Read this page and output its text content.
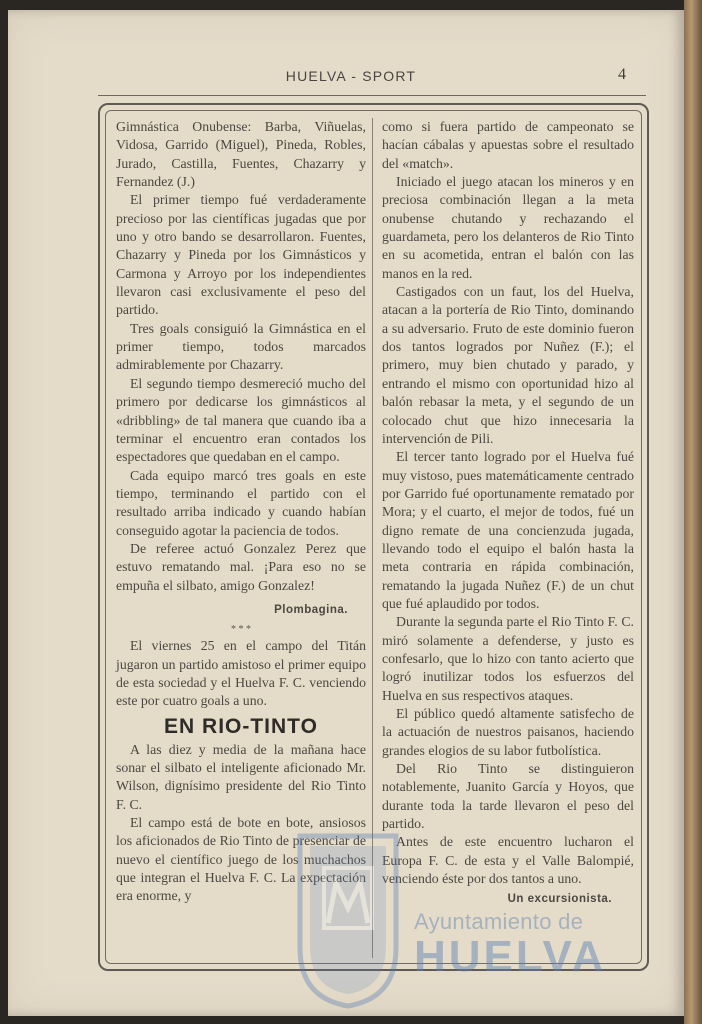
HUELVA - SPORT	4

Gimnástica Onubense: Barba, Viñuelas, Vidosa, Garrido (Miguel), Pineda, Robles, Jurado, Castilla, Fuentes, Chazarry y Fernandez (J.)

El primer tiempo fué verdaderamente precioso por las científicas jugadas que por uno y otro bando se desarrollaron. Fuentes, Chazarry y Pineda por los Gimnásticos y Carmona y Arroyo por los independientes llevaron casi exclusivamente el peso del partido.

Tres goals consiguió la Gimnástica en el primer tiempo, todos marcados admirablemente por Chazarry.

El segundo tiempo desmereció mucho del primero por dedicarse los gimnásticos al «dribbling» de tal manera que cuando iba a terminar el encuentro eran contados los espectadores que quedaban en el campo.

Cada equipo marcó tres goals en este tiempo, terminando el partido con el resultado arriba indicado y cuando habían conseguido agotar la paciencia de todos.

De referee actuó Gonzalez Perez que estuvo rematando mal. ¡Para eso no se empuña el silbato, amigo Gonzalez!

Plombagina.
* * *

El viernes 25 en el campo del Titán jugaron un partido amistoso el primer equipo de esta sociedad y el Huelva F. C. venciendo este por cuatro goals a uno.

EN RIO-TINTO

A las diez y media de la mañana hace sonar el silbato el inteligente aficionado Mr. Wilson, dignísimo presidente del Rio Tinto F. C.

El campo está de bote en bote, ansiosos los aficionados de Rio Tinto de presenciar de nuevo el científico juego de los muchachos que integran el Huelva F. C. La expectación era enorme, y

como si fuera partido de campeonato se hacían cábalas y apuestas sobre el resultado del «match».

Iniciado el juego atacan los mineros y en preciosa combinación llegan a la meta onubense chutando y rechazando el guardameta, pero los delanteros de Rio Tinto en su acometida, entran el balón con las manos en la red.

Castigados con un faut, los del Huelva, atacan a la portería de Rio Tinto, dominando a su adversario. Fruto de este dominio fueron dos tantos logrados por Nuñez (F.); el primero, muy bien chutado y parado, y entrando el mismo con oportunidad hizo al balón rebasar la meta, y el segundo de un colocado chut que hizo innecesaria la intervención de Pili.

El tercer tanto logrado por el Huelva fué muy vistoso, pues matemáticamente centrado por Garrido fué oportunamente rematado por Mora; y el cuarto, el mejor de todos, fué un digno remate de una concienzuda jugada, llevando todo el equipo el balón hasta la meta contraria en rápida combinación, rematando la jugada Nuñez (F.) de un chut que fué aplaudido por todos.

Durante la segunda parte el Rio Tinto F. C. miró solamente a defenderse, y justo es confesarlo, que lo hizo con tanto acierto que logró inutilizar todos los esfuerzos del Huelva en sus respectivos ataques.

El público quedó altamente satisfecho de la actuación de nuestros paisanos, haciendo grandes elogios de su labor futbolística.

Del Rio Tinto se distinguieron notablemente, Juanito García y Hoyos, que durante toda la tarde llevaron el peso del partido.

Antes de este encuentro lucharon el Europa F. C. de esta y el Valle Balompié, venciendo éste por dos tantos a uno.

Un excursionista.
Ayuntamiento de
HUELVA
